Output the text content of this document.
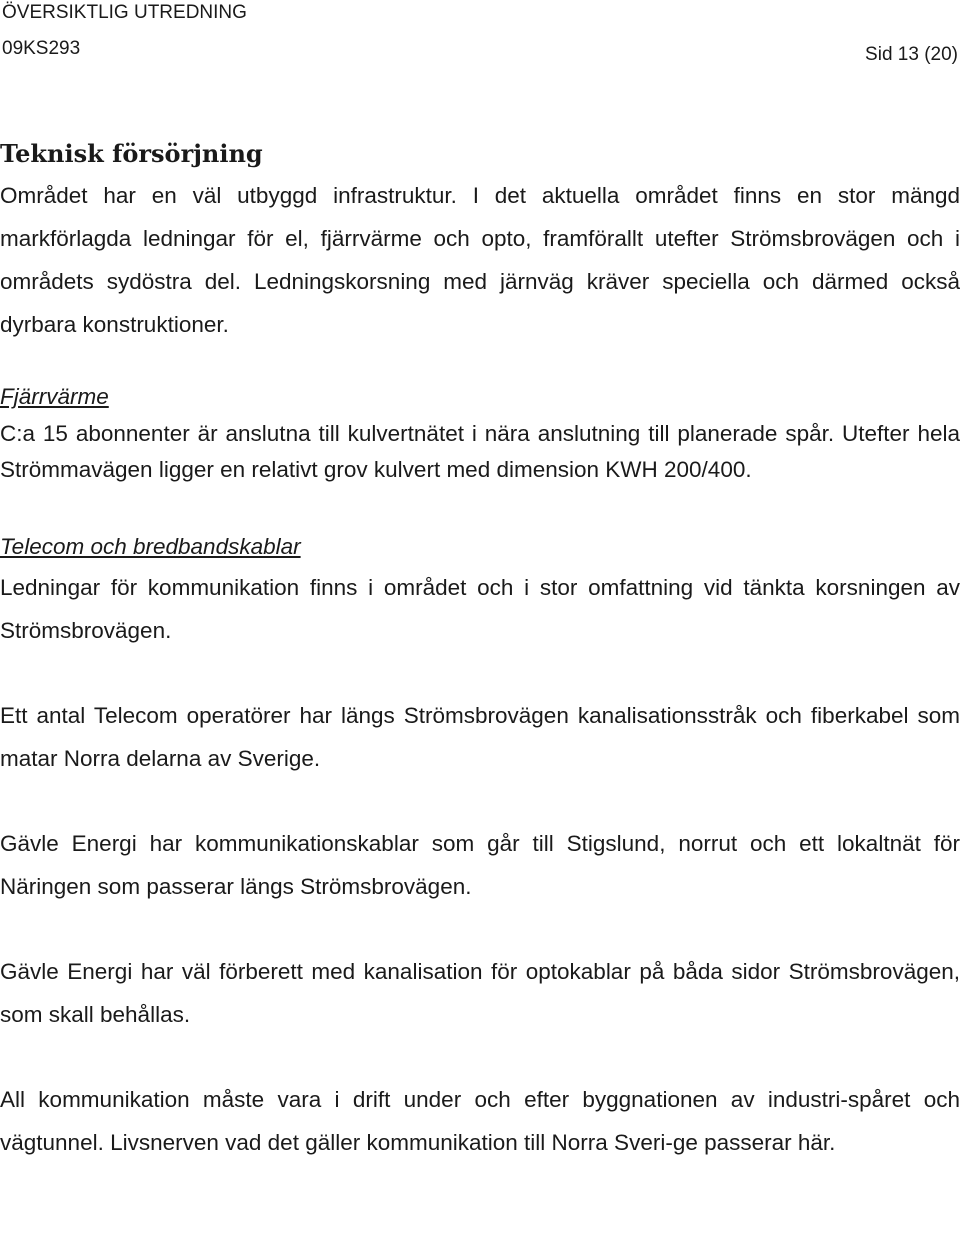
ÖVERSIKTLIG UTREDNING
09KS293	Sid 13 (20)
Teknisk försörjning

Området har en väl utbyggd infrastruktur. I det aktuella området finns en stor mängd markförlagda ledningar för el, fjärrvärme och opto, framförallt utefter Strömsbrovägen och i områdets sydöstra del. Ledningskorsning med järnväg kräver speciella och därmed också dyrbara konstruktioner.

Fjärrvärme

C:a 15 abonnenter är anslutna till kulvertnätet i nära anslutning till planerade spår. Utefter hela Strömmavägen ligger en relativt grov kulvert med dimension KWH 200/400.

Telecom och bredbandskablar

Ledningar för kommunikation finns i området och i stor omfattning vid tänkta korsningen av Strömsbrovägen.

Ett antal Telecom operatörer har längs Strömsbrovägen kanalisationsstråk och fiberkabel som matar Norra delarna av Sverige.

Gävle Energi har kommunikationskablar som går till Stigslund, norrut och ett lokaltnät för Näringen som passerar längs Strömsbrovägen.

Gävle Energi har väl förberett med kanalisation för optokablar på båda sidor Strömsbrovägen, som skall behållas.

All kommunikation måste vara i drift under och efter byggnationen av industri-spåret och vägtunnel. Livsnerven vad det gäller kommunikation till Norra Sveri-ge passerar här.
